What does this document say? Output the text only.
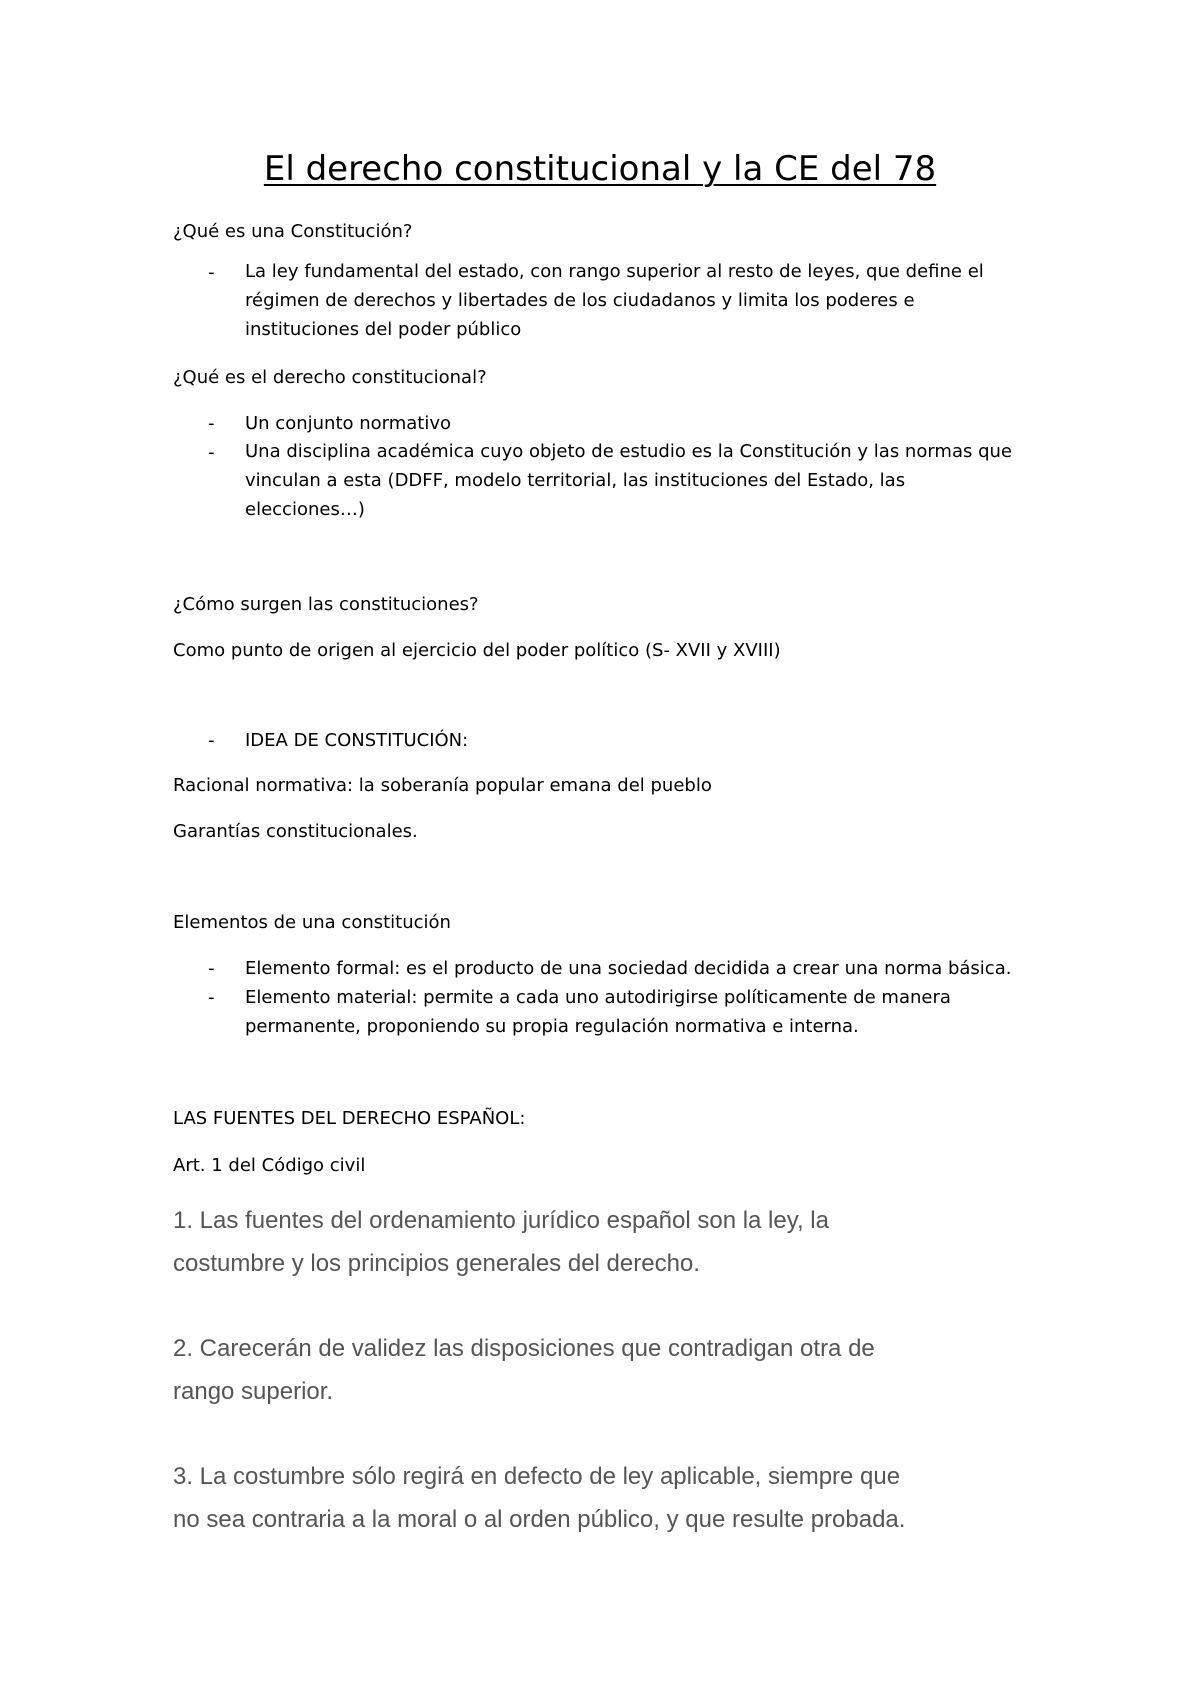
El derecho constitucional y la CE del 78
¿Qué es una Constitución?
- La ley fundamental del estado, con rango superior al resto de leyes, que define el
régimen de derechos y libertades de los ciudadanos y limita los poderes e
instituciones del poder público
¿Qué es el derecho constitucional?
- Un conjunto normativo
- Una disciplina académica cuyo objeto de estudio es la Constitución y las normas que
vinculan a esta (DDFF, modelo territorial, las instituciones del Estado, las
elecciones…)
¿Cómo surgen las constituciones?
Como punto de origen al ejercicio del poder político (S- XVII y XVIII)
- IDEA DE CONSTITUCIÓN:
Racional normativa: la soberanía popular emana del pueblo
Garantías constitucionales.
Elementos de una constitución
- Elemento formal: es el producto de una sociedad decidida a crear una norma básica.
- Elemento material: permite a cada uno autodirigirse políticamente de manera
permanente, proponiendo su propia regulación normativa e interna.
LAS FUENTES DEL DERECHO ESPAÑOL:
Art. 1 del Código civil
1. Las fuentes del ordenamiento jurídico español son la ley, la
costumbre y los principios generales del derecho.
2. Carecerán de validez las disposiciones que contradigan otra de
rango superior.
3. La costumbre sólo regirá en defecto de ley aplicable, siempre que
no sea contraria a la moral o al orden público, y que resulte probada.
